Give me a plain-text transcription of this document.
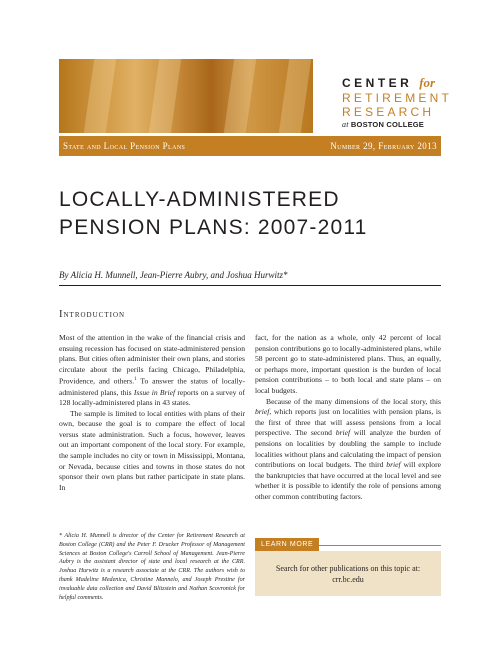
CENTER for
RETIREMENT
RESEARCH
at BOSTON COLLEGE
State and Local Pension Plans	Number 29, February 2013
LOCALLY-ADMINISTERED
PENSION PLANS: 2007-2011
By Alicia H. Munnell, Jean-Pierre Aubry, and Joshua Hurwitz*
Introduction

Most of the attention in the wake of the financial crisis and ensuing recession has focused on state-administered pension plans. But cities often administer their own plans, and stories circulate about the perils facing Chicago, Philadelphia, Providence, and others.$^1$ To answer the status of locally-administered plans, this Issue in Brief reports on a survey of 128 locally-administered plans in 43 states.

The sample is limited to local entities with plans of their own, because the goal is to compare the effect of local versus state administration. Such a focus, however, leaves out an important component of the local story. For example, the sample includes no city or town in Mississippi, Montana, or Nevada, because cities and towns in those states do not sponsor their own plans but rather participate in state plans. In

fact, for the nation as a whole, only 42 percent of local pension contributions go to locally-administered plans, while 58 percent go to state-administered plans. Thus, an equally, or perhaps more, important question is the burden of local pension contributions – to both local and state plans – on local budgets.

Because of the many dimensions of the local story, this brief, which reports just on localities with pension plans, is the first of three that will assess pensions from a local perspective. The second brief will analyze the burden of pensions on localities by doubling the sample to include localities without plans and calculating the impact of pension contributions on local budgets. The third brief will explore the bankruptcies that have occurred at the local level and see whether it is possible to identify the role of pensions among other common contributing factors.

* Alicia H. Munnell is director of the Center for Retirement Research at Boston College (CRR) and the Peter F. Drucker Professor of Management Sciences at Boston College's Carroll School of Management. Jean-Pierre Aubry is the assistant director of state and local research at the CRR. Joshua Hurwitz is a research associate at the CRR. The authors wish to thank Madeline Medenica, Christine Mannelo, and Joseph Prestine for invaluable data collection and David Blitzstein and Nathan Scovronick for helpful comments.
LEARN MORE
Search for other publications on this topic at:
crr.bc.edu
